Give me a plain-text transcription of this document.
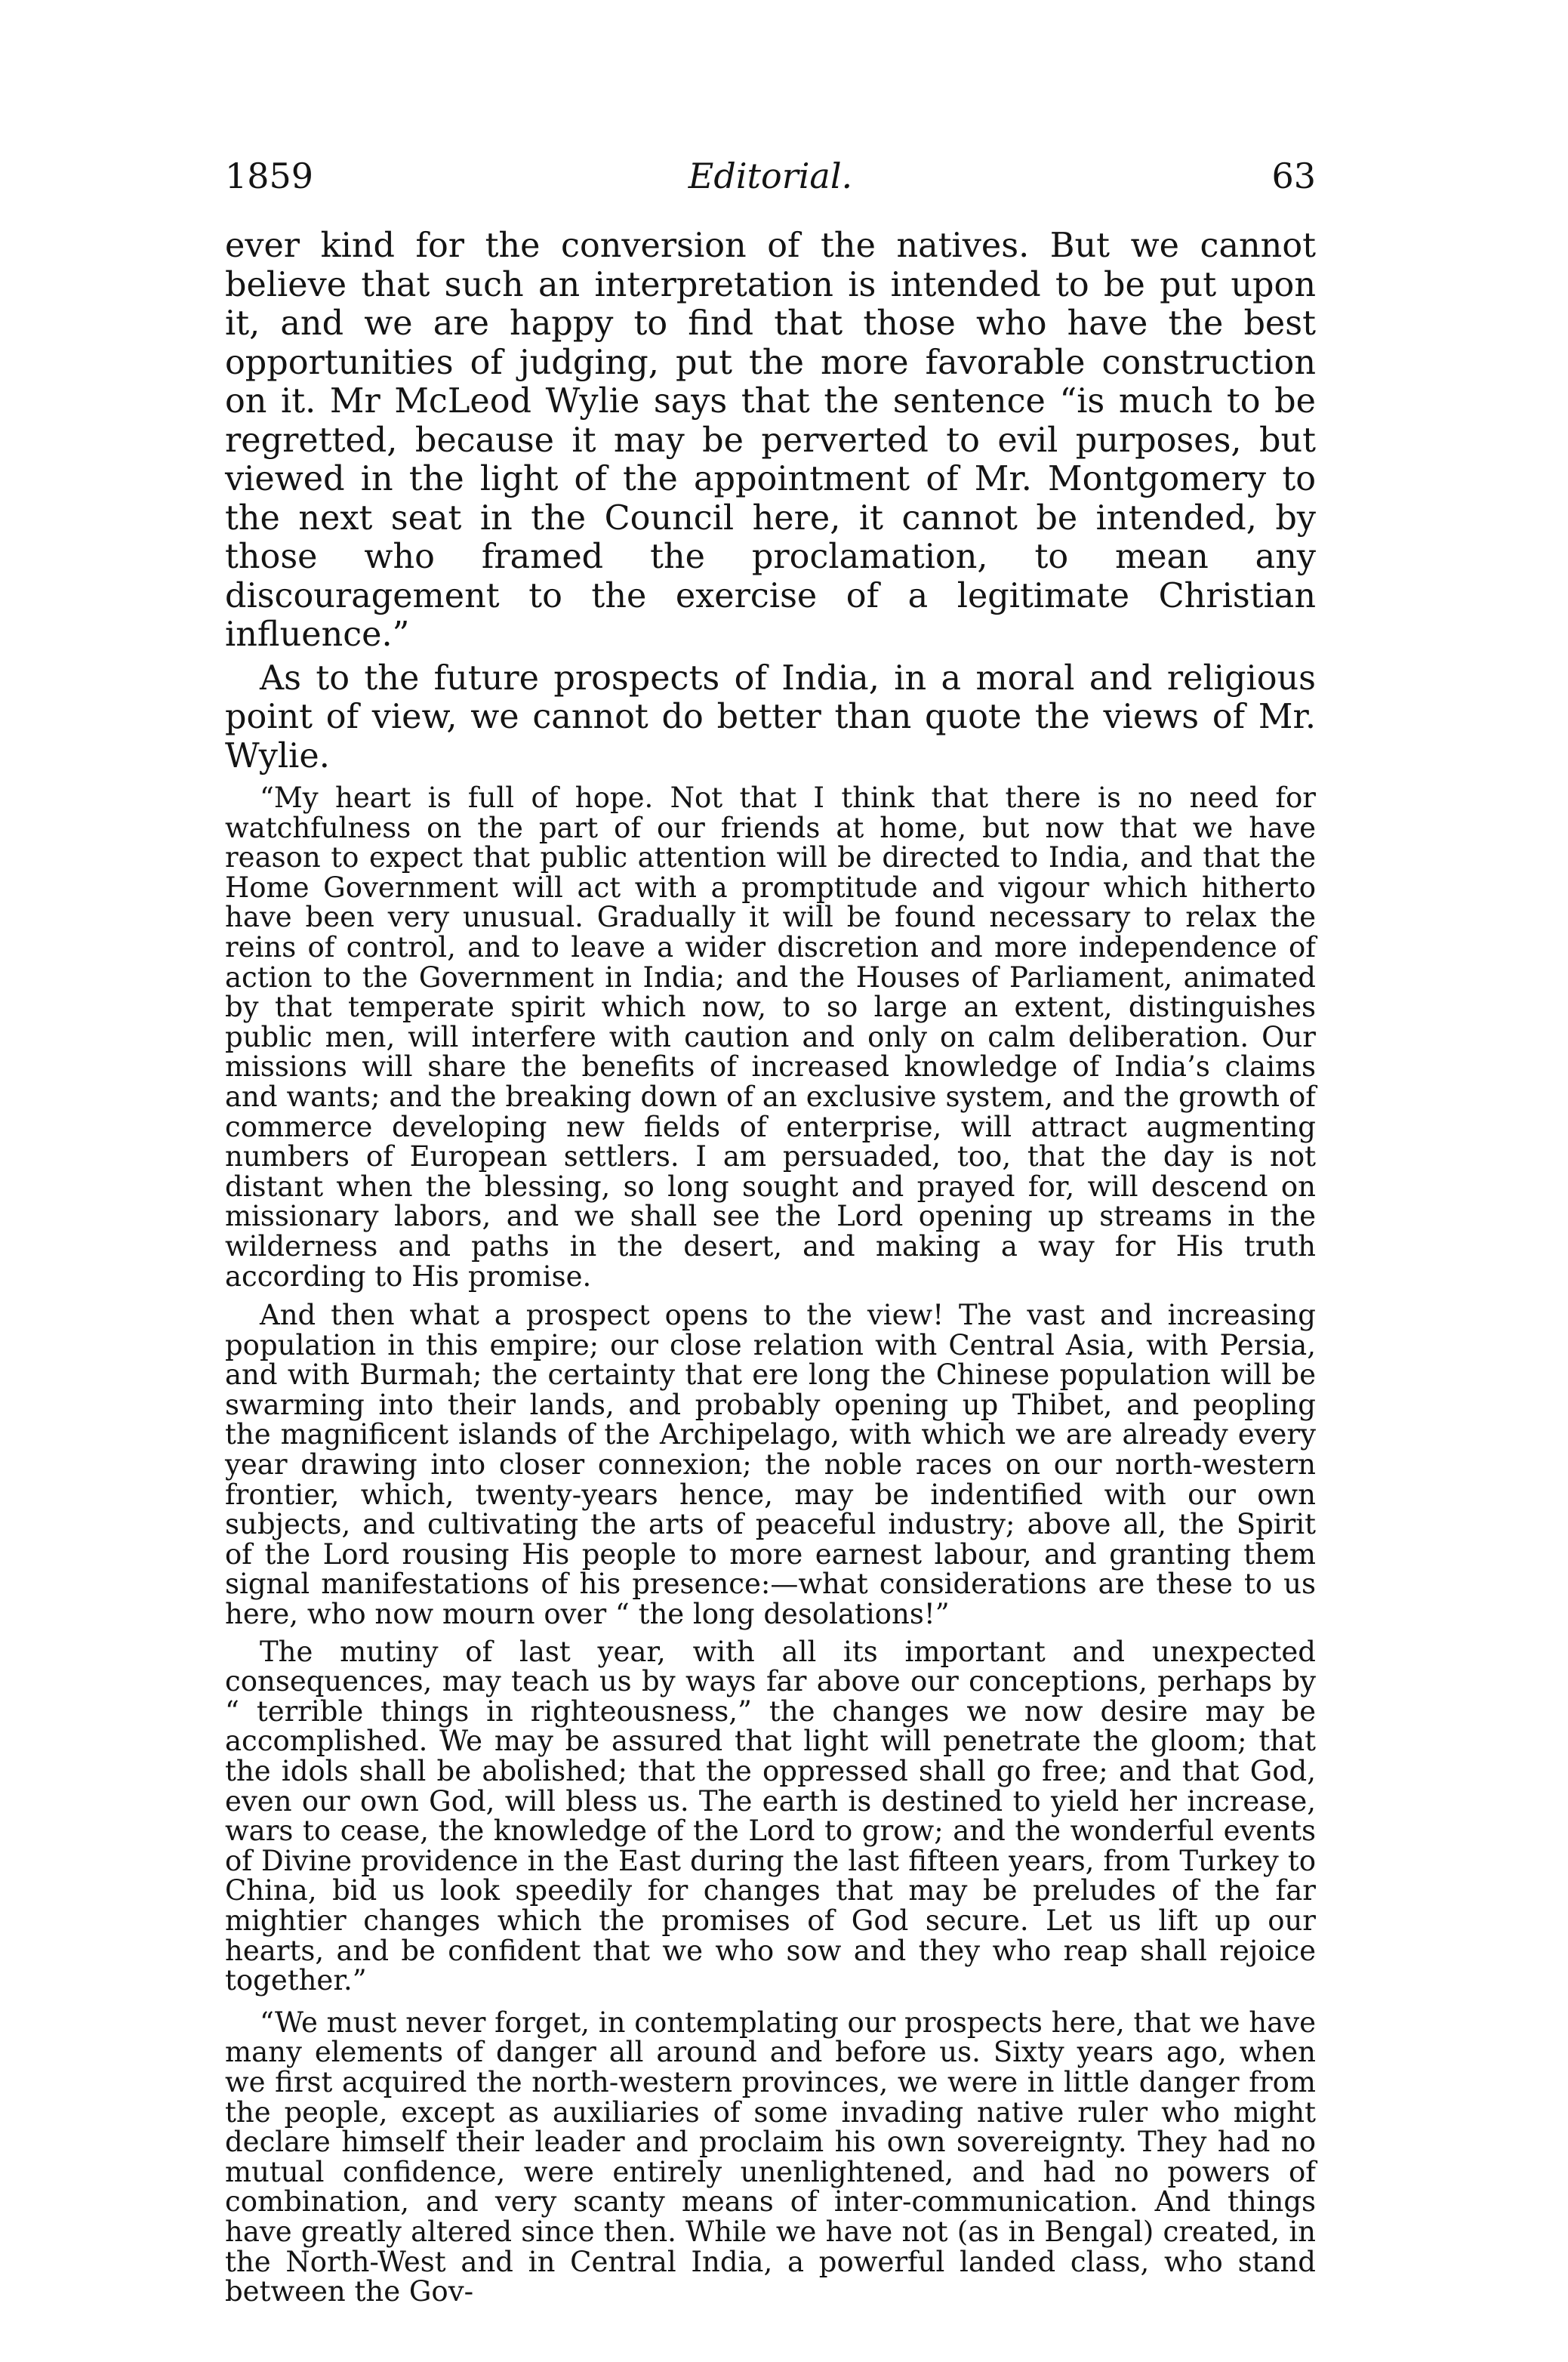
1859	Editorial.	63

ever kind for the conversion of the natives. But we cannot believe that such an interpretation is intended to be put upon it, and we are happy to find that those who have the best opportunities of judging, put the more favorable construction on it. Mr McLeod Wylie says that the sentence “is much to be regretted, because it may be perverted to evil purposes, but viewed in the light of the appointment of Mr. Montgomery to the next seat in the Council here, it cannot be intended, by those who framed the proclamation, to mean any discouragement to the exercise of a legitimate Christian influence.”

As to the future prospects of India, in a moral and religious point of view, we cannot do better than quote the views of Mr. Wylie.

“My heart is full of hope. Not that I think that there is no need for watchfulness on the part of our friends at home, but now that we have reason to expect that public attention will be directed to India, and that the Home Government will act with a promptitude and vigour which hitherto have been very unusual. Gradually it will be found necessary to relax the reins of control, and to leave a wider discretion and more independence of action to the Government in India; and the Houses of Parliament, animated by that temperate spirit which now, to so large an extent, distinguishes public men, will interfere with caution and only on calm deliberation. Our missions will share the benefits of increased knowledge of India’s claims and wants; and the breaking down of an exclusive system, and the growth of commerce developing new fields of enterprise, will attract augmenting numbers of European settlers. I am persuaded, too, that the day is not distant when the blessing, so long sought and prayed for, will descend on missionary labors, and we shall see the Lord opening up streams in the wilderness and paths in the desert, and making a way for His truth according to His promise.

And then what a prospect opens to the view! The vast and increasing population in this empire; our close relation with Central Asia, with Persia, and with Burmah; the certainty that ere long the Chinese population will be swarming into their lands, and probably opening up Thibet, and peopling the magnificent islands of the Archipelago, with which we are already every year drawing into closer connexion; the noble races on our north-western frontier, which, twenty-years hence, may be indentified with our own subjects, and cultivating the arts of peaceful industry; above all, the Spirit of the Lord rousing His people to more earnest labour, and granting them signal manifestations of his presence:—what considerations are these to us here, who now mourn over “ the long desolations!”

The mutiny of last year, with all its important and unexpected consequences, may teach us by ways far above our conceptions, perhaps by “ terrible things in righteousness,” the changes we now desire may be accomplished. We may be assured that light will penetrate the gloom; that the idols shall be abolished; that the oppressed shall go free; and that God, even our own God, will bless us. The earth is destined to yield her increase, wars to cease, the knowledge of the Lord to grow; and the wonderful events of Divine providence in the East during the last fifteen years, from Turkey to China, bid us look speedily for changes that may be preludes of the far mightier changes which the promises of God secure. Let us lift up our hearts, and be confident that we who sow and they who reap shall rejoice together.”

“We must never forget, in contemplating our prospects here, that we have many elements of danger all around and before us. Sixty years ago, when we first acquired the north-western provinces, we were in little danger from the people, except as auxiliaries of some invading native ruler who might declare himself their leader and proclaim his own sovereignty. They had no mutual confidence, were entirely unenlightened, and had no powers of combination, and very scanty means of inter-communication. And things have greatly altered since then. While we have not (as in Bengal) created, in the North-West and in Central India, a powerful landed class, who stand between the Gov-
